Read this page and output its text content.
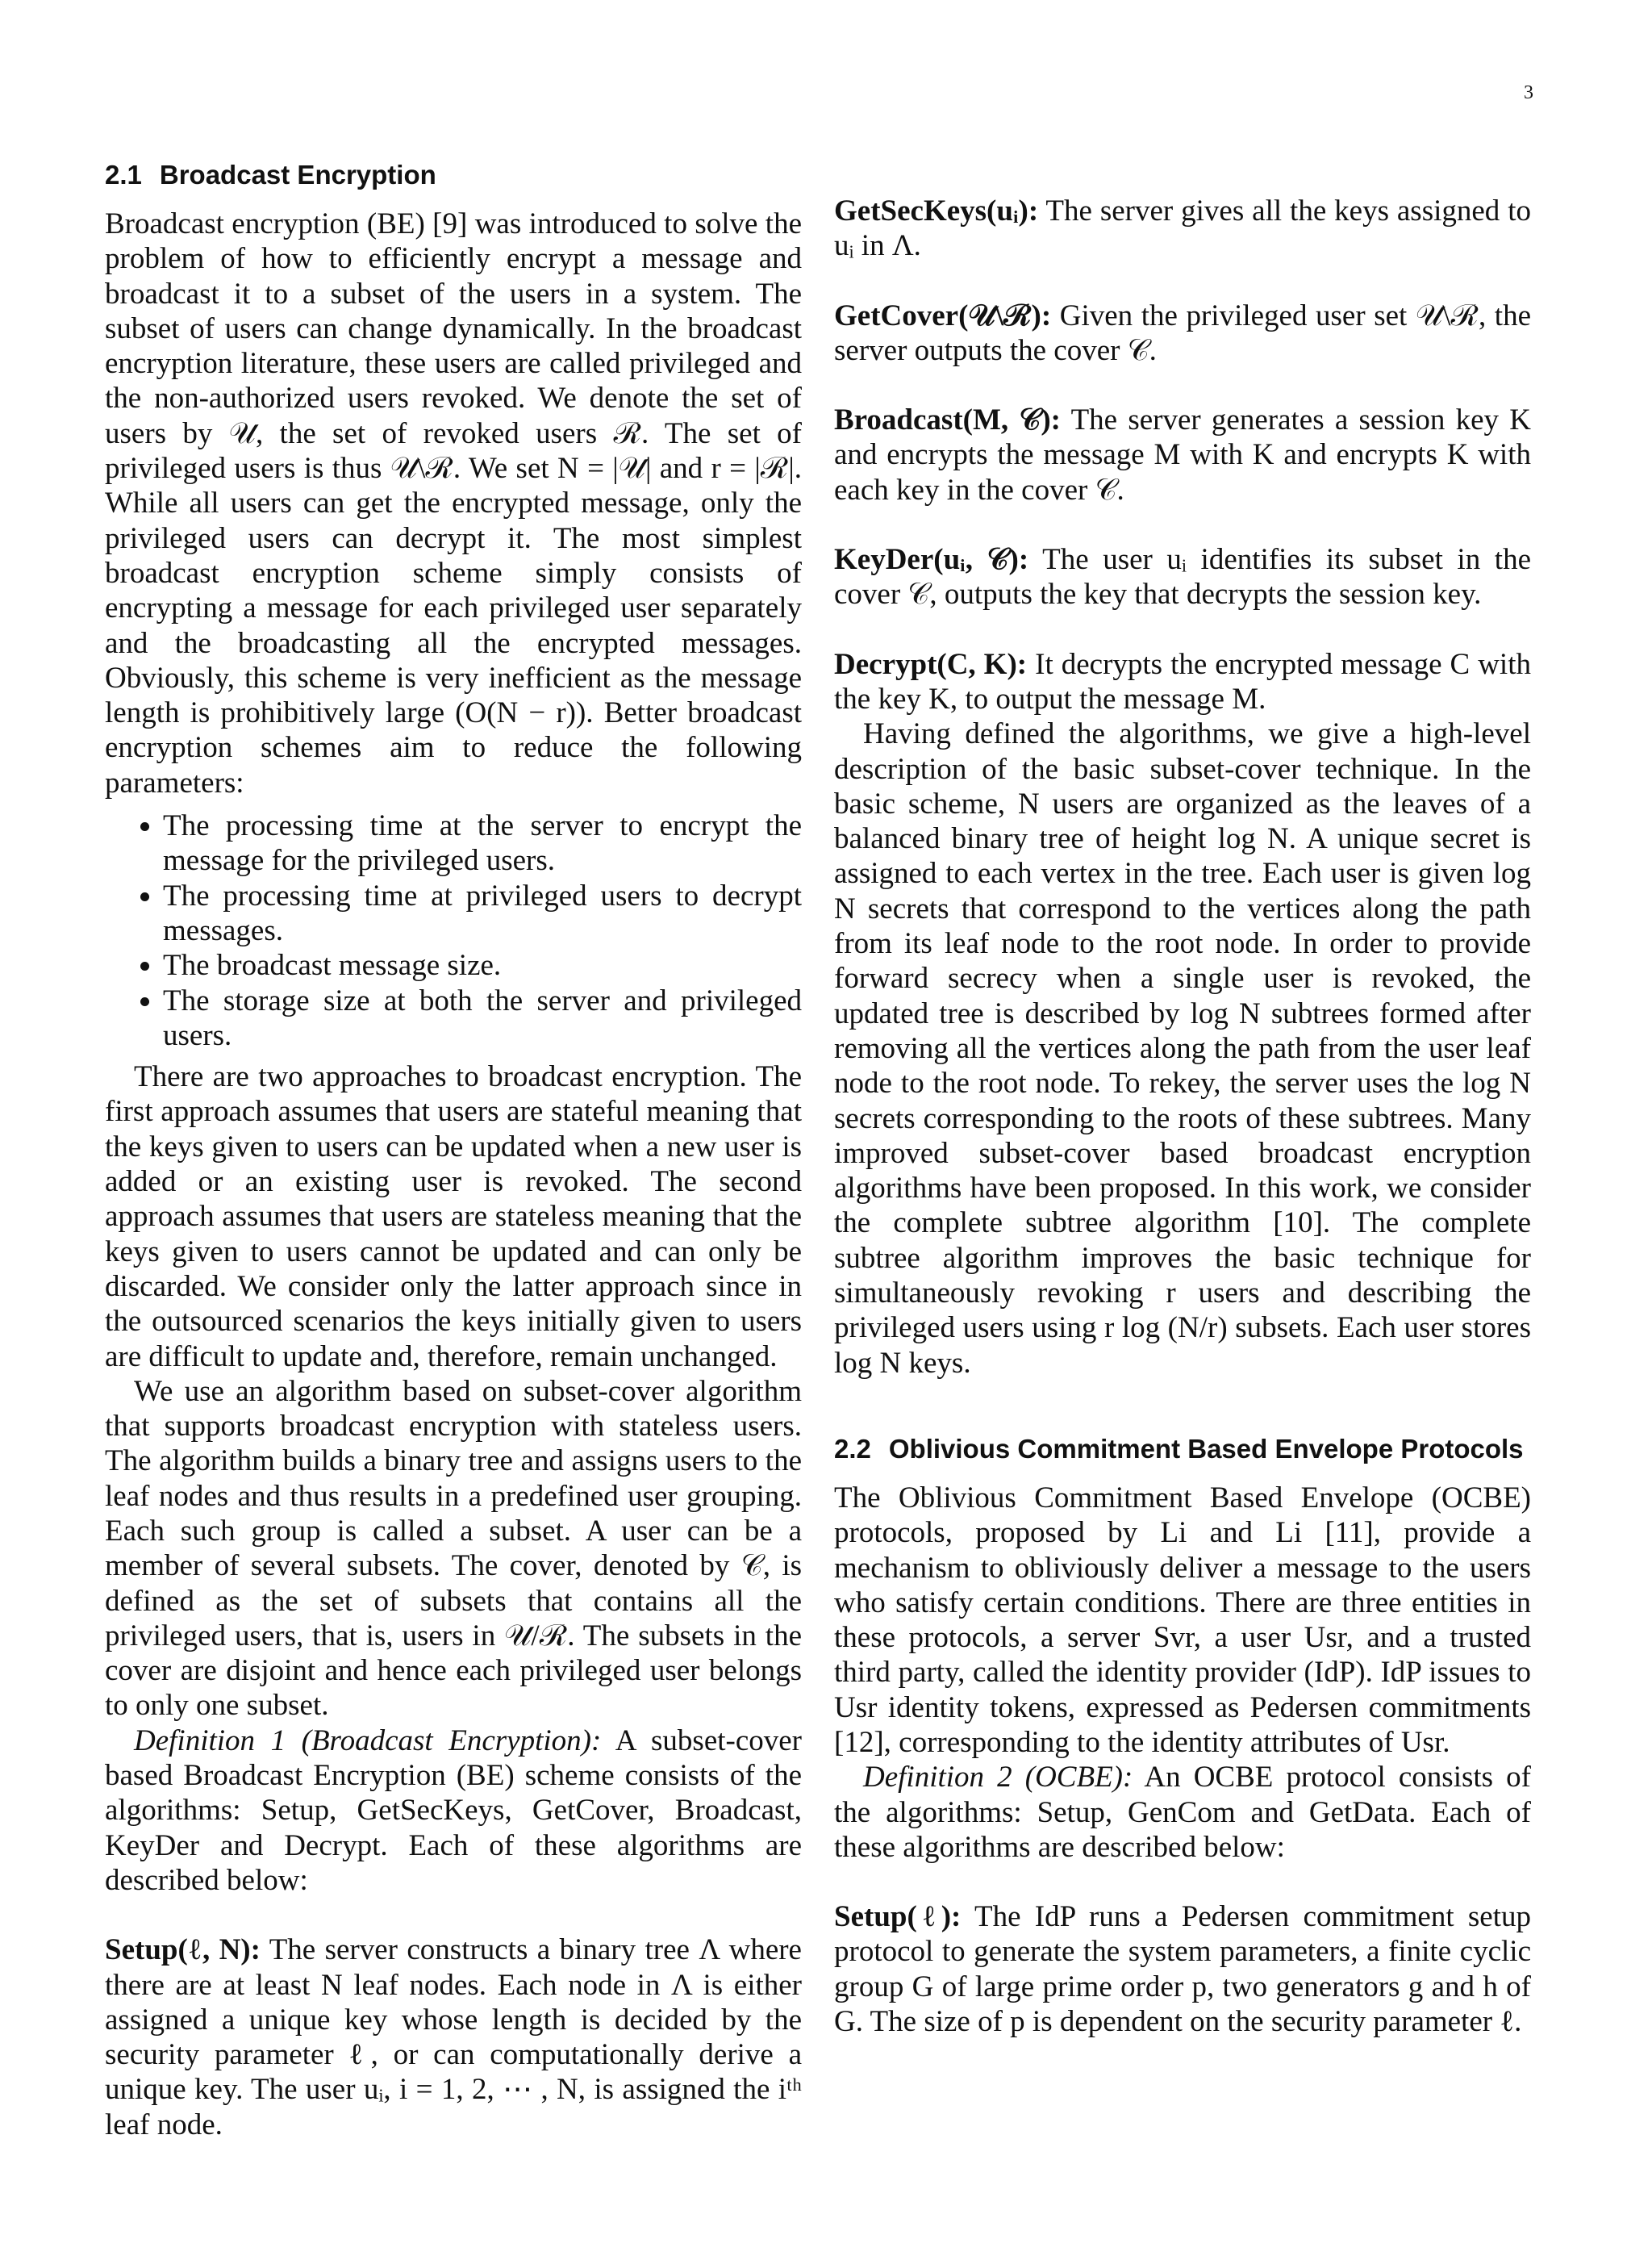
3
2.1 Broadcast Encryption

Broadcast encryption (BE) [9] was introduced to solve the problem of how to efficiently encrypt a message and broadcast it to a subset of the users in a system. The subset of users can change dynamically. In the broadcast encryption literature, these users are called privileged and the non-authorized users revoked. We denote the set of users by 𝒰, the set of revoked users ℛ. The set of privileged users is thus 𝒰\ℛ. We set N = |𝒰| and r = |ℛ|. While all users can get the encrypted message, only the privileged users can decrypt it. The most simplest broadcast encryption scheme simply consists of encrypting a message for each privileged user separately and the broadcasting all the encrypted messages. Obviously, this scheme is very inefficient as the message length is prohibitively large (O(N − r)). Better broadcast encryption schemes aim to reduce the following parameters:

• The processing time at the server to encrypt the message for the privileged users.
• The processing time at privileged users to decrypt messages.
• The broadcast message size.
• The storage size at both the server and privileged users.

There are two approaches to broadcast encryption. The first approach assumes that users are stateful meaning that the keys given to users can be updated when a new user is added or an existing user is revoked. The second approach assumes that users are stateless meaning that the keys given to users cannot be updated and can only be discarded. We consider only the latter approach since in the outsourced scenarios the keys initially given to users are difficult to update and, therefore, remain unchanged.

We use an algorithm based on subset-cover algorithm that supports broadcast encryption with stateless users. The algorithm builds a binary tree and assigns users to the leaf nodes and thus results in a predefined user grouping. Each such group is called a subset. A user can be a member of several subsets. The cover, denoted by 𝒞, is defined as the set of subsets that contains all the privileged users, that is, users in 𝒰/ℛ. The subsets in the cover are disjoint and hence each privileged user belongs to only one subset.

Definition 1 (Broadcast Encryption): A subset-cover based Broadcast Encryption (BE) scheme consists of the algorithms: Setup, GetSecKeys, GetCover, Broadcast, KeyDer and Decrypt. Each of these algorithms are described below:

Setup(ℓ, N): The server constructs a binary tree Λ where there are at least N leaf nodes. Each node in Λ is either assigned a unique key whose length is decided by the security parameter ℓ, or can computationally derive a unique key. The user uᵢ, i = 1, 2, ⋯ , N, is assigned the iᵗʰ leaf node.

GetSecKeys(uᵢ): The server gives all the keys assigned to uᵢ in Λ.

GetCover(𝒰\ℛ): Given the privileged user set 𝒰\ℛ, the server outputs the cover 𝒞.

Broadcast(M, 𝒞): The server generates a session key K and encrypts the message M with K and encrypts K with each key in the cover 𝒞.

KeyDer(uᵢ, 𝒞): The user uᵢ identifies its subset in the cover 𝒞, outputs the key that decrypts the session key.

Decrypt(C, K): It decrypts the encrypted message C with the key K, to output the message M.

Having defined the algorithms, we give a high-level description of the basic subset-cover technique. In the basic scheme, N users are organized as the leaves of a balanced binary tree of height log N. A unique secret is assigned to each vertex in the tree. Each user is given log N secrets that correspond to the vertices along the path from its leaf node to the root node. In order to provide forward secrecy when a single user is revoked, the updated tree is described by log N subtrees formed after removing all the vertices along the path from the user leaf node to the root node. To rekey, the server uses the log N secrets corresponding to the roots of these subtrees. Many improved subset-cover based broadcast encryption algorithms have been proposed. In this work, we consider the complete subtree algorithm [10]. The complete subtree algorithm improves the basic technique for simultaneously revoking r users and describing the privileged users using r log (N/r) subsets. Each user stores log N keys.

2.2 Oblivious Commitment Based Envelope Protocols

The Oblivious Commitment Based Envelope (OCBE) protocols, proposed by Li and Li [11], provide a mechanism to obliviously deliver a message to the users who satisfy certain conditions. There are three entities in these protocols, a server Svr, a user Usr, and a trusted third party, called the identity provider (IdP). IdP issues to Usr identity tokens, expressed as Pedersen commitments [12], corresponding to the identity attributes of Usr.

Definition 2 (OCBE): An OCBE protocol consists of the algorithms: Setup, GenCom and GetData. Each of these algorithms are described below:

Setup(ℓ): The IdP runs a Pedersen commitment setup protocol to generate the system parameters, a finite cyclic group G of large prime order p, two generators g and h of G. The size of p is dependent on the security parameter ℓ.
